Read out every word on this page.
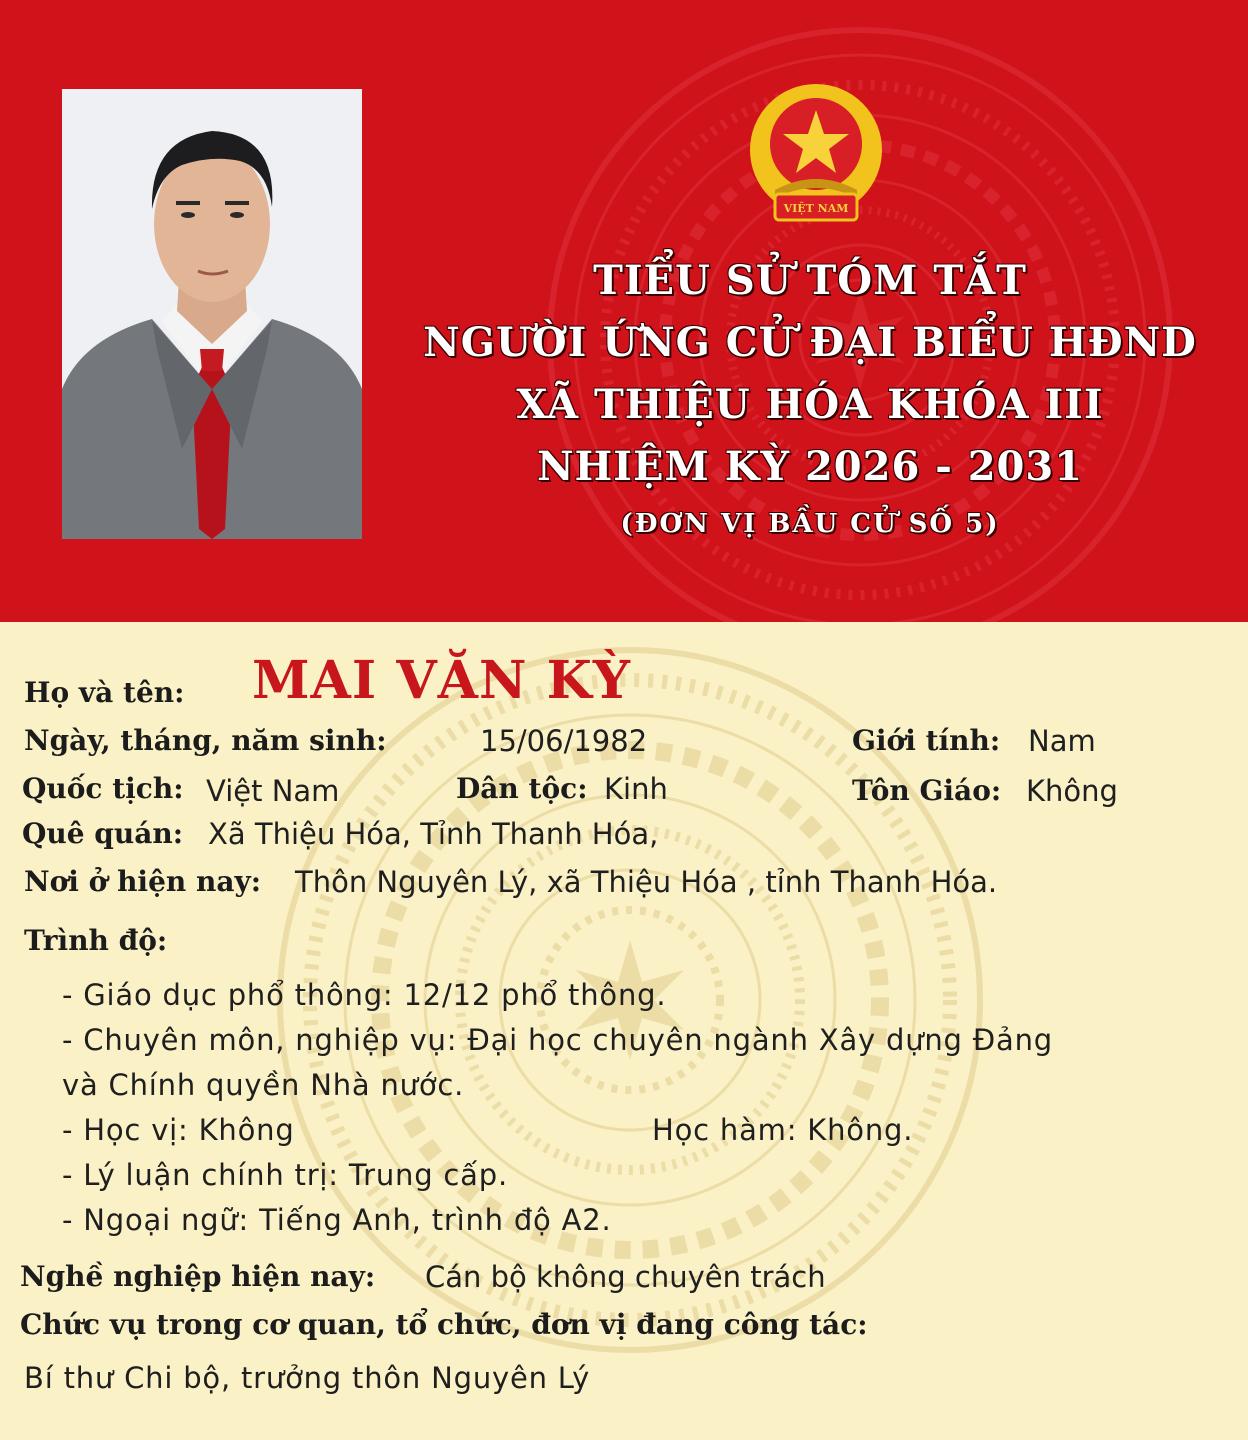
VIỆT NAM
TIỂU SỬ TÓM TẮT
NGƯỜI ỨNG CỬ ĐẠI BIỂU HĐND
XÃ THIỆU HÓA KHÓA III
NHIỆM KỲ 2026 - 2031
(ĐƠN VỊ BẦU CỬ SỐ 5)
Họ và tên: MAI VĂN KỲ
Ngày, tháng, năm sinh:	15/06/1982	Giới tính: Nam
Quốc tịch: Việt Nam	Dân tộc: Kinh	Tôn Giáo: Không
Quê quán: Xã Thiệu Hóa, Tỉnh Thanh Hóa,
Nơi ở hiện nay: Thôn Nguyên Lý, xã Thiệu Hóa , tỉnh Thanh Hóa.
Trình độ:
- Giáo dục phổ thông: 12/12 phổ thông.
- Chuyên môn, nghiệp vụ: Đại học chuyên ngành Xây dựng Đảng
và Chính quyền Nhà nước.
- Học vị: Không	Học hàm: Không.
- Lý luận chính trị: Trung cấp.
- Ngoại ngữ: Tiếng Anh, trình độ A2.
Nghề nghiệp hiện nay: Cán bộ không chuyên trách
Chức vụ trong cơ quan, tổ chức, đơn vị đang công tác:
Bí thư Chi bộ, trưởng thôn Nguyên Lý
